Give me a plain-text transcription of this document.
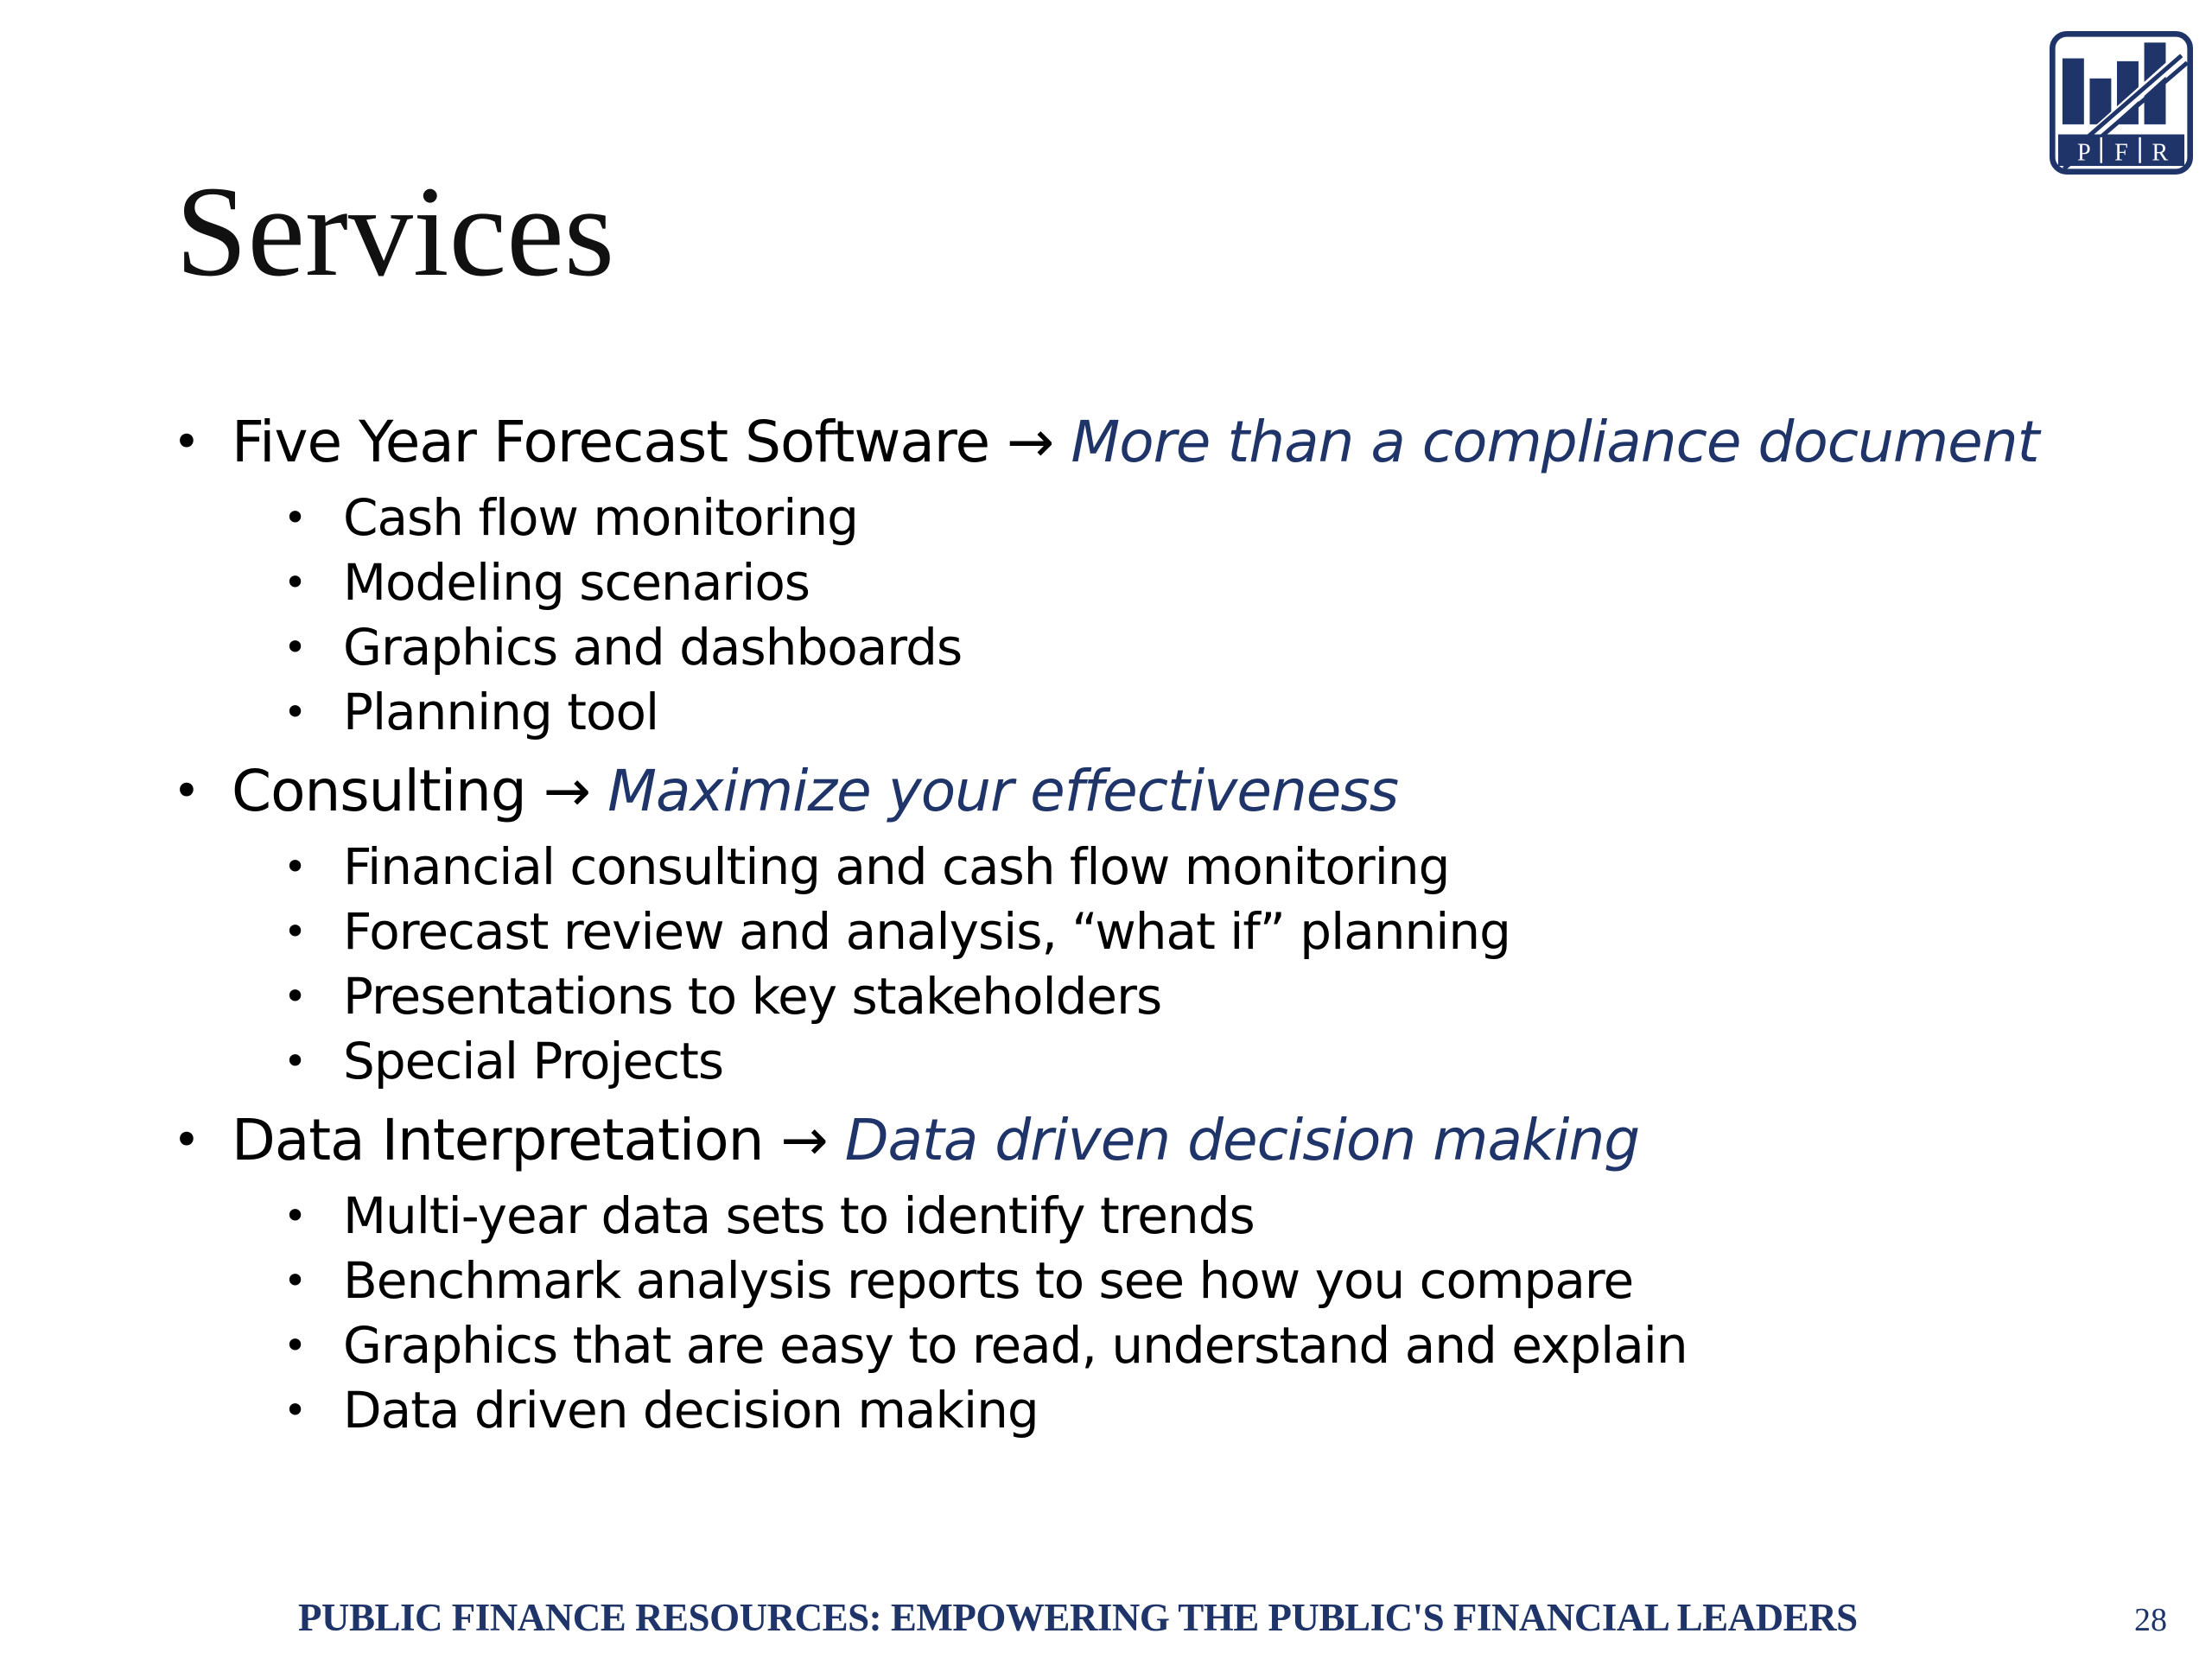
P F R
Services
• Five Year Forecast Software → More than a compliance document
• Cash flow monitoring
• Modeling scenarios
• Graphics and dashboards
• Planning tool
• Consulting → Maximize your effectiveness
• Financial consulting and cash flow monitoring
• Forecast review and analysis, “what if” planning
• Presentations to key stakeholders
• Special Projects
• Data Interpretation → Data driven decision making
• Multi-year data sets to identify trends
• Benchmark analysis reports to see how you compare
• Graphics that are easy to read, understand and explain
• Data driven decision making
PUBLIC FINANCE RESOURCES: EMPOWERING THE PUBLIC'S FINANCIAL LEADERS	28
